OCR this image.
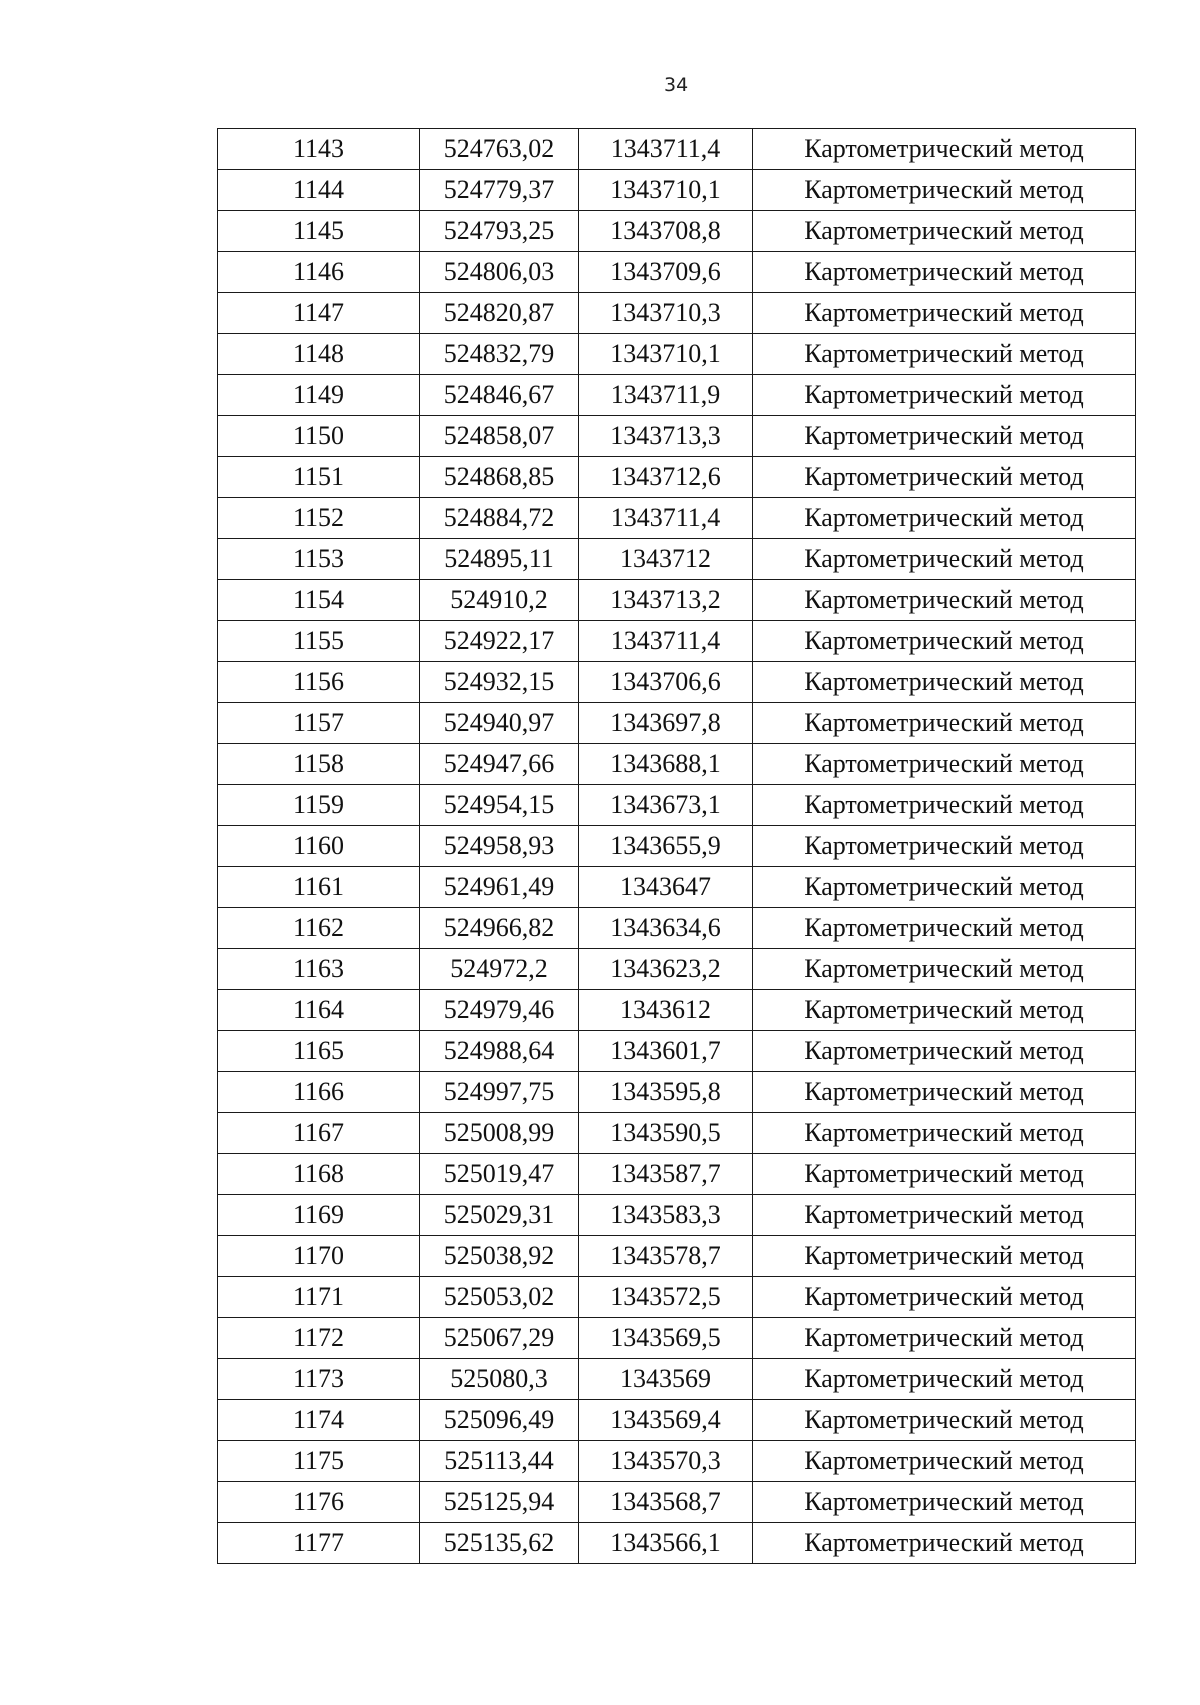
34
1143	524763,02	1343711,4	Картометрический метод
1144	524779,37	1343710,1	Картометрический метод
1145	524793,25	1343708,8	Картометрический метод
1146	524806,03	1343709,6	Картометрический метод
1147	524820,87	1343710,3	Картометрический метод
1148	524832,79	1343710,1	Картометрический метод
1149	524846,67	1343711,9	Картометрический метод
1150	524858,07	1343713,3	Картометрический метод
1151	524868,85	1343712,6	Картометрический метод
1152	524884,72	1343711,4	Картометрический метод
1153	524895,11	1343712	Картометрический метод
1154	524910,2	1343713,2	Картометрический метод
1155	524922,17	1343711,4	Картометрический метод
1156	524932,15	1343706,6	Картометрический метод
1157	524940,97	1343697,8	Картометрический метод
1158	524947,66	1343688,1	Картометрический метод
1159	524954,15	1343673,1	Картометрический метод
1160	524958,93	1343655,9	Картометрический метод
1161	524961,49	1343647	Картометрический метод
1162	524966,82	1343634,6	Картометрический метод
1163	524972,2	1343623,2	Картометрический метод
1164	524979,46	1343612	Картометрический метод
1165	524988,64	1343601,7	Картометрический метод
1166	524997,75	1343595,8	Картометрический метод
1167	525008,99	1343590,5	Картометрический метод
1168	525019,47	1343587,7	Картометрический метод
1169	525029,31	1343583,3	Картометрический метод
1170	525038,92	1343578,7	Картометрический метод
1171	525053,02	1343572,5	Картометрический метод
1172	525067,29	1343569,5	Картометрический метод
1173	525080,3	1343569	Картометрический метод
1174	525096,49	1343569,4	Картометрический метод
1175	525113,44	1343570,3	Картометрический метод
1176	525125,94	1343568,7	Картометрический метод
1177	525135,62	1343566,1	Картометрический метод
